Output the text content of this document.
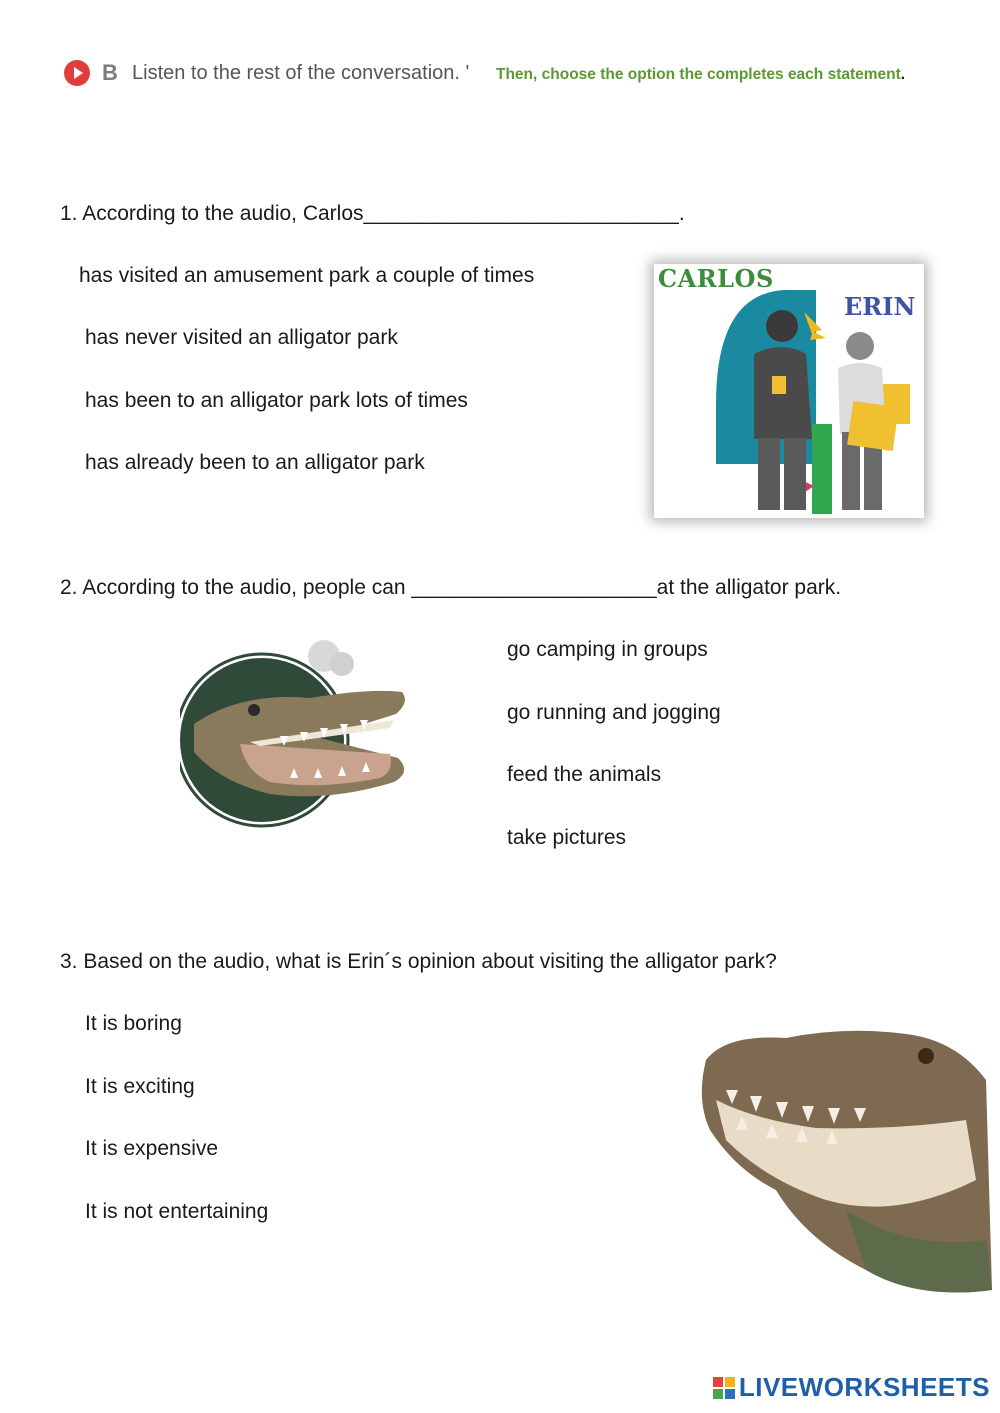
B Listen to the rest of the conversation. ' Then, choose the option the completes each statement.
1. According to the audio, Carlos___________________________.
has visited an amusement park a couple of times
has never visited an alligator park
has been to an alligator park lots of times
has already been to an alligator park
CARLOS
ERIN
2. According to the audio, people can _____________________at the alligator park.
go camping in groups
go running and jogging
feed the animals
take pictures
3. Based on the audio, what is Erin´s opinion about visiting the alligator park?
It is boring
It is exciting
It is expensive
It is not entertaining
LIVEWORKSHEETS
